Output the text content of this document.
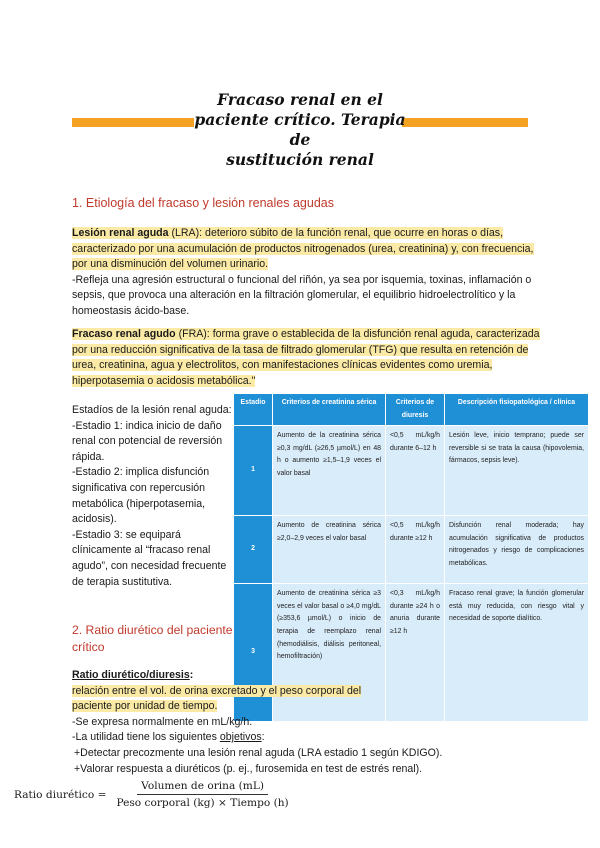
Fracaso renal en el
paciente crítico. Terapia de
sustitución renal
1. Etiología del fracaso y lesión renales agudas
Lesión renal aguda (LRA): deterioro súbito de la función renal, que ocurre en horas o días, caracterizado por una acumulación de productos nitrogenados (urea, creatinina) y, con frecuencia, por una disminución del volumen urinario.
-Refleja una agresión estructural o funcional del riñón, ya sea por isquemia, toxinas, inflamación o sepsis, que provoca una alteración en la filtración glomerular, el equilibrio hidroelectrolítico y la homeostasis ácido-base.
Fracaso renal agudo (FRA): forma grave o establecida de la disfunción renal aguda, caracterizada por una reducción significativa de la tasa de filtrado glomerular (TFG) que resulta en retención de urea, creatinina, agua y electrolitos, con manifestaciones clínicas evidentes como uremia, hiperpotasemia o acidosis metabólica."
Estadíos de la lesión renal aguda:
-Estadio 1: indica inicio de daño renal con potencial de reversión rápida.
-Estadio 2: implica disfunción significativa con repercusión metabólica (hiperpotasemia, acidosis).
-Estadio 3: se equipará clínicamente al “fracaso renal agudo”, con necesidad frecuente de terapia sustitutiva.
Estadio	Criterios de creatinina sérica	Criterios de diuresis	Descripción fisiopatológica / clínica
1	Aumento de la creatinina sérica ≥0,3 mg/dL (≥26,5 µmol/L) en 48 h o aumento ≥1,5–1,9 veces el valor basal	<0,5 mL/kg/h durante 6–12 h	Lesión leve, inicio temprano; puede ser reversible si se trata la causa (hipovolemia, fármacos, sepsis leve).
2	Aumento de creatinina sérica ≥2,0–2,9 veces el valor basal	<0,5 mL/kg/h durante ≥12 h	Disfunción renal moderada; hay acumulación significativa de productos nitrogenados y riesgo de complicaciones metabólicas.
3	Aumento de creatinina sérica ≥3 veces el valor basal o ≥4,0 mg/dL (≥353,6 µmol/L) o inicio de terapia de reemplazo renal (hemodiálisis, diálisis peritoneal, hemofiltración)	<0,3 mL/kg/h durante ≥24 h o anuria durante ≥12 h	Fracaso renal grave; la función glomerular está muy reducida, con riesgo vital y necesidad de soporte dialítico.
2. Ratio diurético del paciente crítico
Ratio diurético/diuresis:
relación entre el vol. de orina excretado y el peso corporal del paciente por unidad de tiempo.
-Se expresa normalmente en mL/kg/h.
-La utilidad tiene los siguientes objetivos:
+Detectar precozmente una lesión renal aguda (LRA estadio 1 según KDIGO).
+Valorar respuesta a diuréticos (p. ej., furosemida en test de estrés renal).
Ratio diurético = $\frac{\text{Volumen de orina (mL)}}{\text{Peso corporal (kg) × Tiempo (h)}}$
